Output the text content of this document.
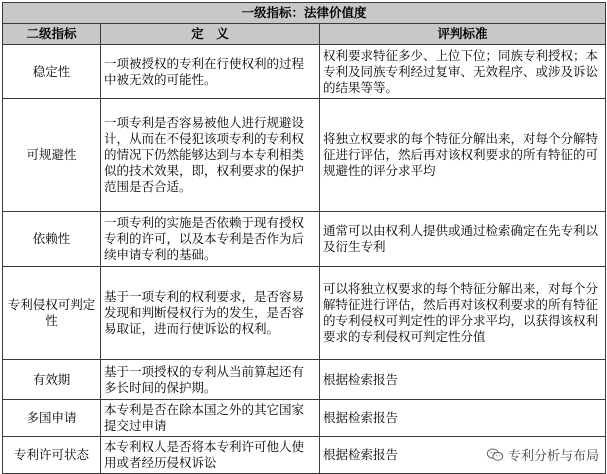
一级指标：法律价值度		
二级指标	定　义	评判标准
稳定性	一项被授权的专利在行使权利的过程中被无效的可能性。	权利要求特征多少、上位下位；同族专利授权；本专利及同族专利经过复审、无效程序、或涉及诉讼的结果等等。
可规避性	一项专利是否容易被他人进行规避设计，从而在不侵犯该项专利的专利权的情况下仍然能够达到与本专利相类似的技术效果，即，权利要求的保护范围是否合适。	将独立权要求的每个特征分解出来，对每个分解特征进行评估，然后再对该权利要求的所有特征的可规避性的评分求平均
依赖性	一项专利的实施是否依赖于现有授权专利的许可，以及本专利是否作为后续申请专利的基础。	通常可以由权利人提供或通过检索确定在先专利以及衍生专利
专利侵权可判定性	基于一项专利的权利要求，是否容易发现和判断侵权行为的发生，是否容易取证，进而行使诉讼的权利。	可以将独立权要求的每个特征分解出来，对每个分解特征进行评估，然后再对该权利要求的所有特征的专利侵权可判定性的评分求平均，以获得该权利要求的专利侵权可判定性分值
有效期	基于一项授权的专利从当前算起还有多长时间的保护期。	根据检索报告
多国申请	本专利是否在除本国之外的其它国家提交过申请	根据检索报告
专利许可状态	本专利权人是否将本专利许可他人使用或者经历侵权诉讼	根据检索报告	专利分析与布局
